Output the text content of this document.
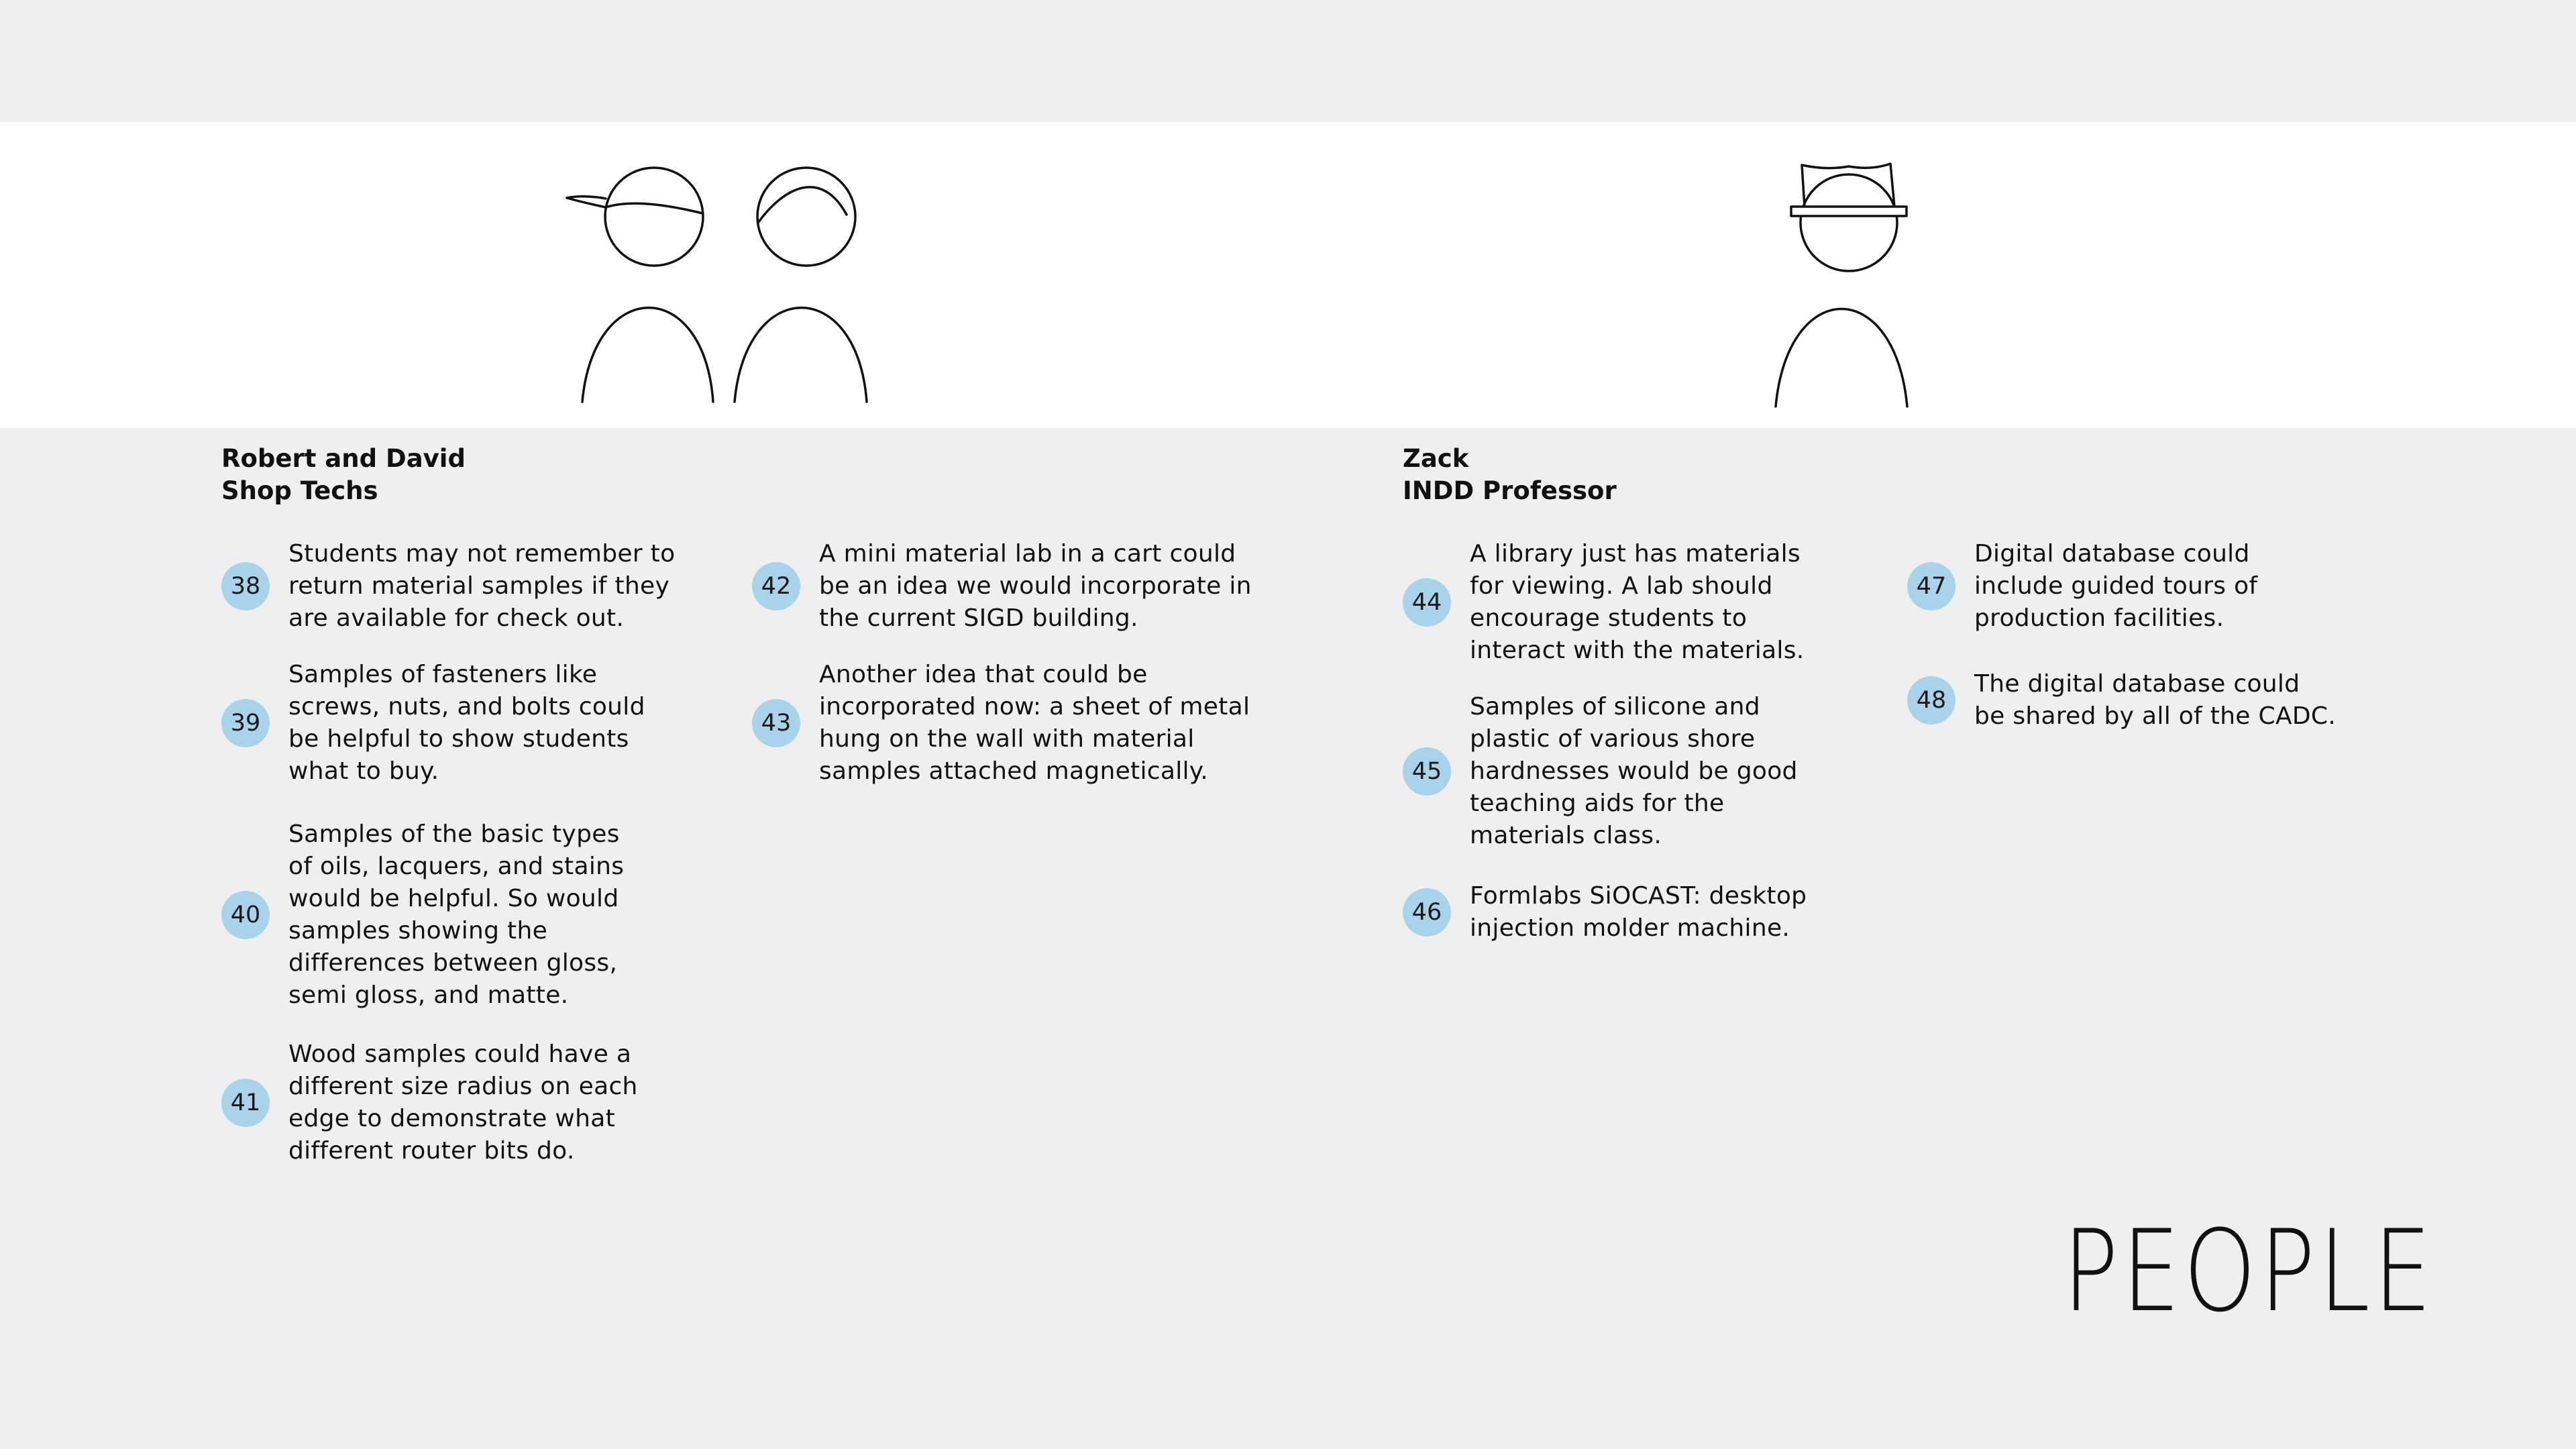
Robert and David
Shop Techs
Zack
INDD Professor
38
Students may not remember to
return material samples if they
are available for check out.
39
Samples of fasteners like
screws, nuts, and bolts could
be helpful to show students
what to buy.
40
Samples of the basic types
of oils, lacquers, and stains
would be helpful. So would
samples showing the
differences between gloss,
semi gloss, and matte.
41
Wood samples could have a
different size radius on each
edge to demonstrate what
different router bits do.
42
A mini material lab in a cart could
be an idea we would incorporate in
the current SIGD building.
43
Another idea that could be
incorporated now: a sheet of metal
hung on the wall with material
samples attached magnetically.
44
A library just has materials
for viewing. A lab should
encourage students to
interact with the materials.
45
Samples of silicone and
plastic of various shore
hardnesses would be good
teaching aids for the
materials class.
46
Formlabs SiOCAST: desktop
injection molder machine.
47
Digital database could
include guided tours of
production facilities.
48
The digital database could
be shared by all of the CADC.
PEOPLE
